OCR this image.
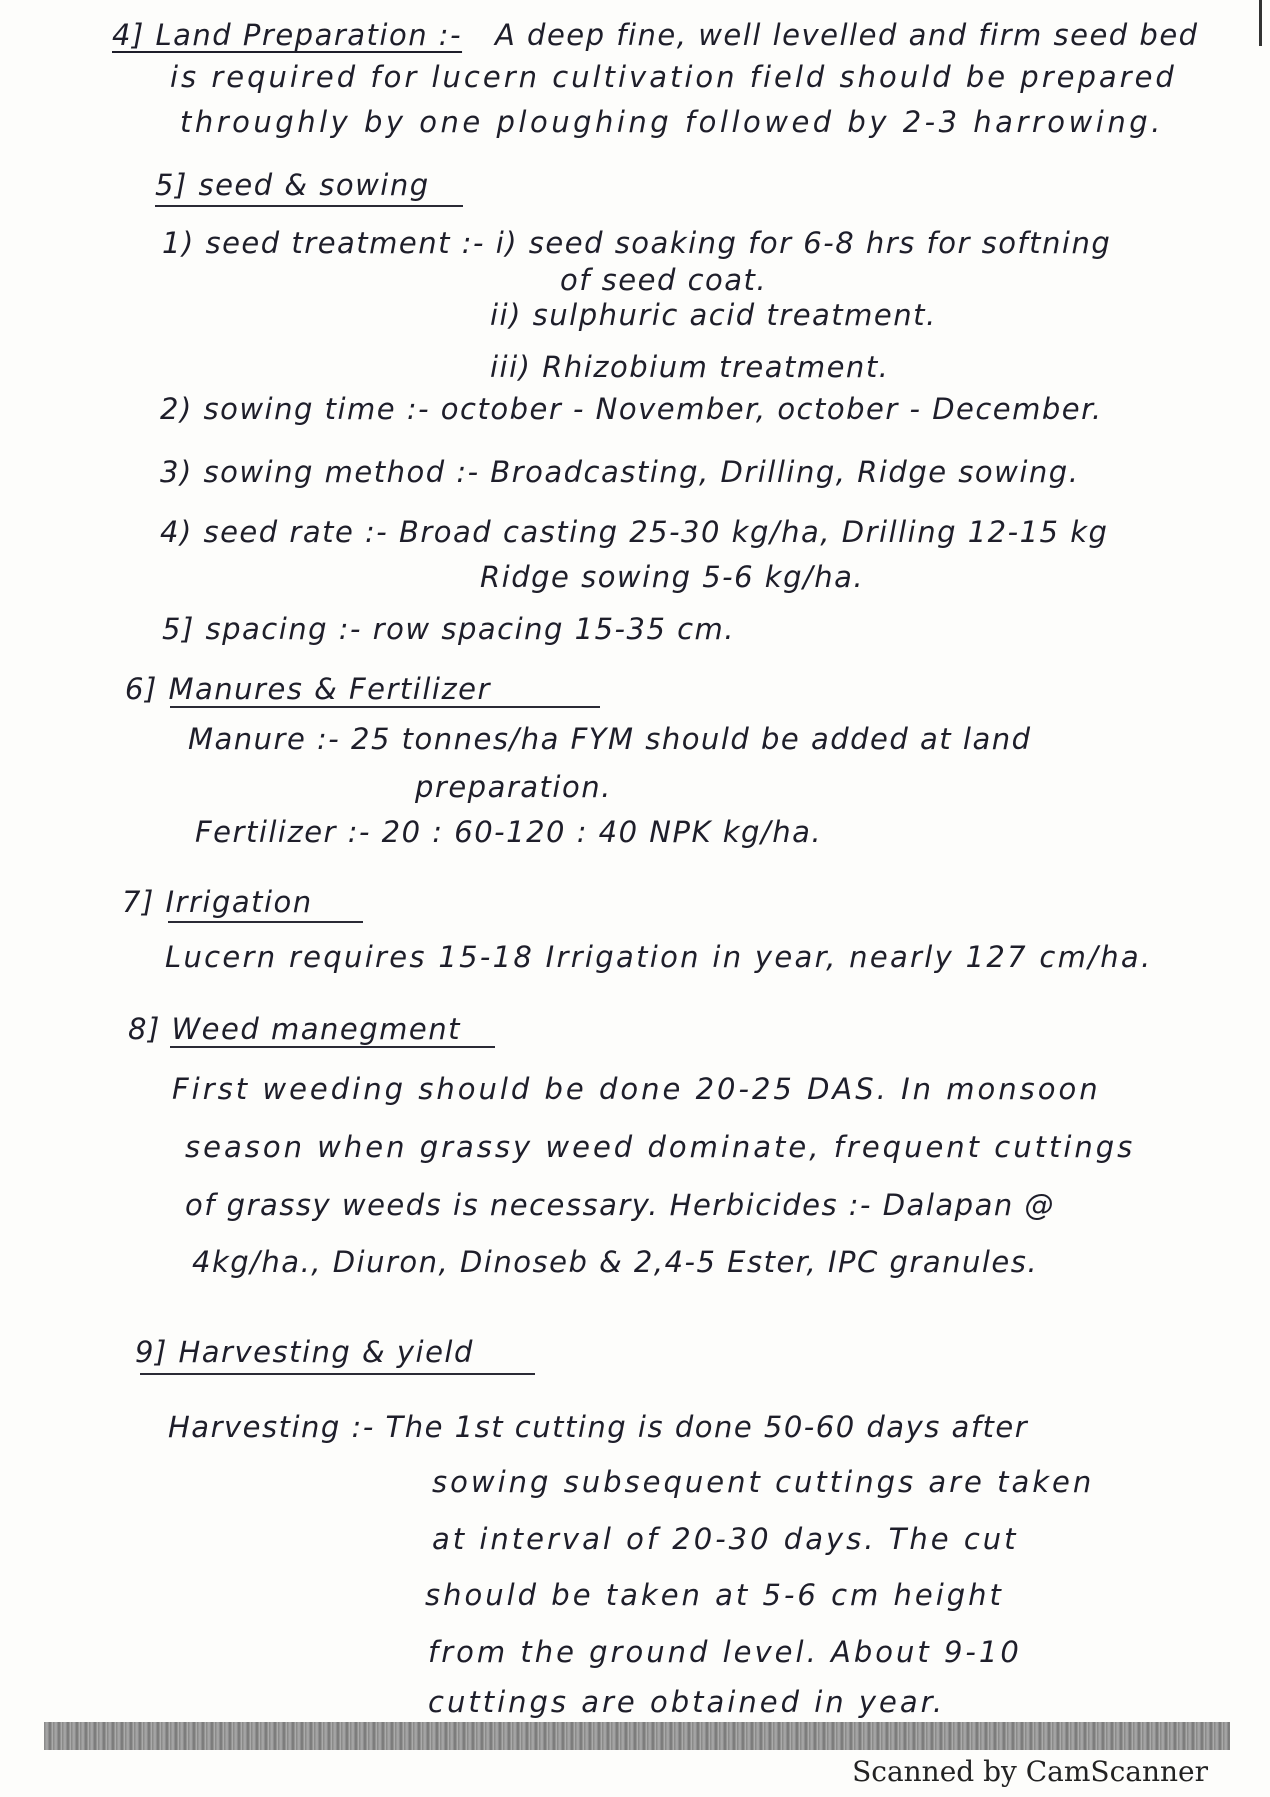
4] Land Preparation :- A deep fine, well levelled and firm seed bed
is required for lucern cultivation field should be prepared
throughly by one ploughing followed by 2-3 harrowing.
5] seed & sowing
1) seed treatment :- i) seed soaking for 6-8 hrs for softning
of seed coat.
ii) sulphuric acid treatment.
iii) Rhizobium treatment.
2) sowing time :- october - November, october - December.
3) sowing method :- Broadcasting, Drilling, Ridge sowing.
4) seed rate :- Broad casting 25-30 kg/ha, Drilling 12-15 kg
Ridge sowing 5-6 kg/ha.
5] spacing :- row spacing 15-35 cm.
6] Manures & Fertilizer
Manure :- 25 tonnes/ha FYM should be added at land
preparation.
Fertilizer :- 20 : 60-120 : 40 NPK kg/ha.
7] Irrigation
Lucern requires 15-18 Irrigation in year, nearly 127 cm/ha.
8] Weed manegment
First weeding should be done 20-25 DAS. In monsoon
season when grassy weed dominate, frequent cuttings
of grassy weeds is necessary. Herbicides :- Dalapan @
4kg/ha., Diuron, Dinoseb & 2,4-5 Ester, IPC granules.
9] Harvesting & yield
Harvesting :- The 1st cutting is done 50-60 days after
sowing subsequent cuttings are taken
at interval of 20-30 days. The cut
should be taken at 5-6 cm height
from the ground level. About 9-10
cuttings are obtained in year.
Scanned by CamScanner
